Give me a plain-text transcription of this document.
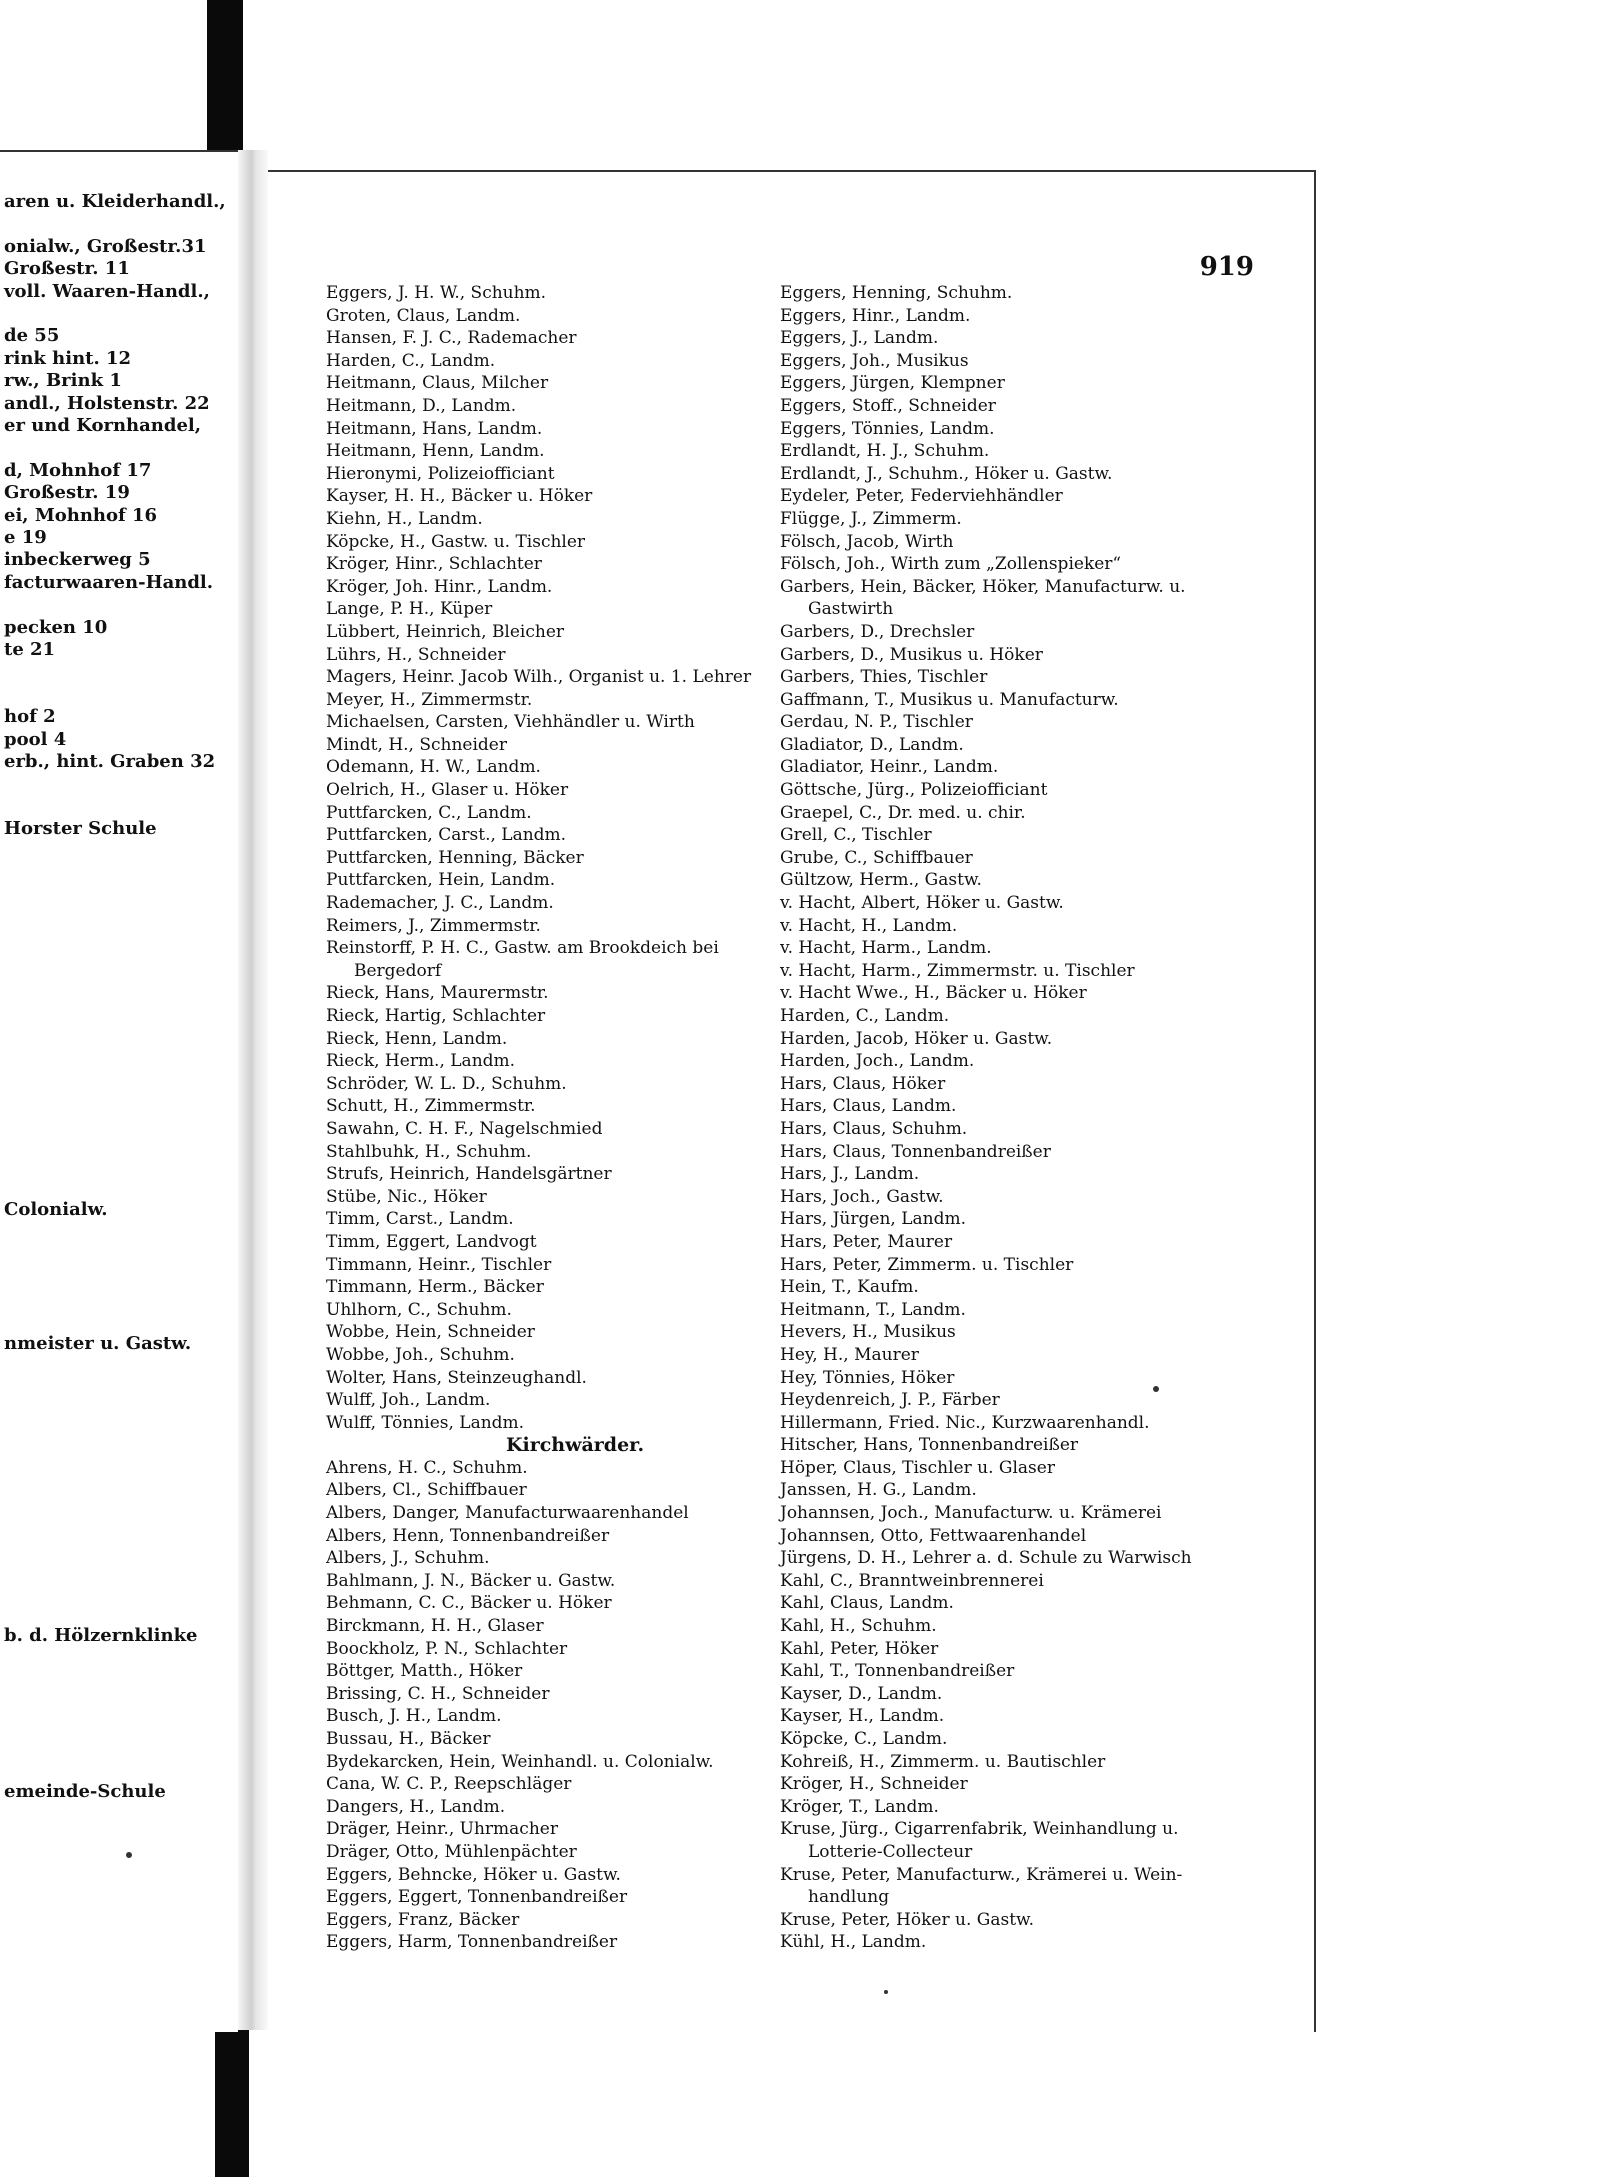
aren u. Kleiderhandl.,
onialw., Großestr.31
Großestr. 11
voll. Waaren-Handl.,
de 55
rink hint. 12
rw., Brink 1
andl., Holstenstr. 22
er und Kornhandel,
d, Mohnhof 17
Großestr. 19
ei, Mohnhof 16
e 19
inbeckerweg 5
facturwaaren-Handl.
pecken 10
te 21
hof 2
pool 4
erb., hint. Graben 32
Horster Schule
Colonialw.
nmeister u. Gastw.
b. d. Hölzernklinke
emeinde-Schule
919
Eggers, J. H. W., Schuhm.
Groten, Claus, Landm.
Hansen, F. J. C., Rademacher
Harden, C., Landm.
Heitmann, Claus, Milcher
Heitmann, D., Landm.
Heitmann, Hans, Landm.
Heitmann, Henn, Landm.
Hieronymi, Polizeiofficiant
Kayser, H. H., Bäcker u. Höker
Kiehn, H., Landm.
Köpcke, H., Gastw. u. Tischler
Kröger, Hinr., Schlachter
Kröger, Joh. Hinr., Landm.
Lange, P. H., Küper
Lübbert, Heinrich, Bleicher
Lührs, H., Schneider
Magers, Heinr. Jacob Wilh., Organist u. 1. Lehrer
Meyer, H., Zimmermstr.
Michaelsen, Carsten, Viehhändler u. Wirth
Mindt, H., Schneider
Odemann, H. W., Landm.
Oelrich, H., Glaser u. Höker
Puttfarcken, C., Landm.
Puttfarcken, Carst., Landm.
Puttfarcken, Henning, Bäcker
Puttfarcken, Hein, Landm.
Rademacher, J. C., Landm.
Reimers, J., Zimmermstr.
Reinstorff, P. H. C., Gastw. am Brookdeich bei
Bergedorf
Rieck, Hans, Maurermstr.
Rieck, Hartig, Schlachter
Rieck, Henn, Landm.
Rieck, Herm., Landm.
Schröder, W. L. D., Schuhm.
Schutt, H., Zimmermstr.
Sawahn, C. H. F., Nagelschmied
Stahlbuhk, H., Schuhm.
Strufs, Heinrich, Handelsgärtner
Stübe, Nic., Höker
Timm, Carst., Landm.
Timm, Eggert, Landvogt
Timmann, Heinr., Tischler
Timmann, Herm., Bäcker
Uhlhorn, C., Schuhm.
Wobbe, Hein, Schneider
Wobbe, Joh., Schuhm.
Wolter, Hans, Steinzeughandl.
Wulff, Joh., Landm.
Wulff, Tönnies, Landm.
Kirchwärder.
Ahrens, H. C., Schuhm.
Albers, Cl., Schiffbauer
Albers, Danger, Manufacturwaarenhandel
Albers, Henn, Tonnenbandreißer
Albers, J., Schuhm.
Bahlmann, J. N., Bäcker u. Gastw.
Behmann, C. C., Bäcker u. Höker
Birckmann, H. H., Glaser
Boockholz, P. N., Schlachter
Böttger, Matth., Höker
Brissing, C. H., Schneider
Busch, J. H., Landm.
Bussau, H., Bäcker
Bydekarcken, Hein, Weinhandl. u. Colonialw.
Cana, W. C. P., Reepschläger
Dangers, H., Landm.
Dräger, Heinr., Uhrmacher
Dräger, Otto, Mühlenpächter
Eggers, Behncke, Höker u. Gastw.
Eggers, Eggert, Tonnenbandreißer
Eggers, Franz, Bäcker
Eggers, Harm, Tonnenbandreißer
Eggers, Henning, Schuhm.
Eggers, Hinr., Landm.
Eggers, J., Landm.
Eggers, Joh., Musikus
Eggers, Jürgen, Klempner
Eggers, Stoff., Schneider
Eggers, Tönnies, Landm.
Erdlandt, H. J., Schuhm.
Erdlandt, J., Schuhm., Höker u. Gastw.
Eydeler, Peter, Federviehhändler
Flügge, J., Zimmerm.
Fölsch, Jacob, Wirth
Fölsch, Joh., Wirth zum „Zollenspieker“
Garbers, Hein, Bäcker, Höker, Manufacturw. u.
Gastwirth
Garbers, D., Drechsler
Garbers, D., Musikus u. Höker
Garbers, Thies, Tischler
Gaffmann, T., Musikus u. Manufacturw.
Gerdau, N. P., Tischler
Gladiator, D., Landm.
Gladiator, Heinr., Landm.
Göttsche, Jürg., Polizeiofficiant
Graepel, C., Dr. med. u. chir.
Grell, C., Tischler
Grube, C., Schiffbauer
Gültzow, Herm., Gastw.
v. Hacht, Albert, Höker u. Gastw.
v. Hacht, H., Landm.
v. Hacht, Harm., Landm.
v. Hacht, Harm., Zimmermstr. u. Tischler
v. Hacht Wwe., H., Bäcker u. Höker
Harden, C., Landm.
Harden, Jacob, Höker u. Gastw.
Harden, Joch., Landm.
Hars, Claus, Höker
Hars, Claus, Landm.
Hars, Claus, Schuhm.
Hars, Claus, Tonnenbandreißer
Hars, J., Landm.
Hars, Joch., Gastw.
Hars, Jürgen, Landm.
Hars, Peter, Maurer
Hars, Peter, Zimmerm. u. Tischler
Hein, T., Kaufm.
Heitmann, T., Landm.
Hevers, H., Musikus
Hey, H., Maurer
Hey, Tönnies, Höker
Heydenreich, J. P., Färber
Hillermann, Fried. Nic., Kurzwaarenhandl.
Hitscher, Hans, Tonnenbandreißer
Höper, Claus, Tischler u. Glaser
Janssen, H. G., Landm.
Johannsen, Joch., Manufacturw. u. Krämerei
Johannsen, Otto, Fettwaarenhandel
Jürgens, D. H., Lehrer a. d. Schule zu Warwisch
Kahl, C., Branntweinbrennerei
Kahl, Claus, Landm.
Kahl, H., Schuhm.
Kahl, Peter, Höker
Kahl, T., Tonnenbandreißer
Kayser, D., Landm.
Kayser, H., Landm.
Köpcke, C., Landm.
Kohreiß, H., Zimmerm. u. Bautischler
Kröger, H., Schneider
Kröger, T., Landm.
Kruse, Jürg., Cigarrenfabrik, Weinhandlung u.
Lotterie-Collecteur
Kruse, Peter, Manufacturw., Krämerei u. Wein-
handlung
Kruse, Peter, Höker u. Gastw.
Kühl, H., Landm.
